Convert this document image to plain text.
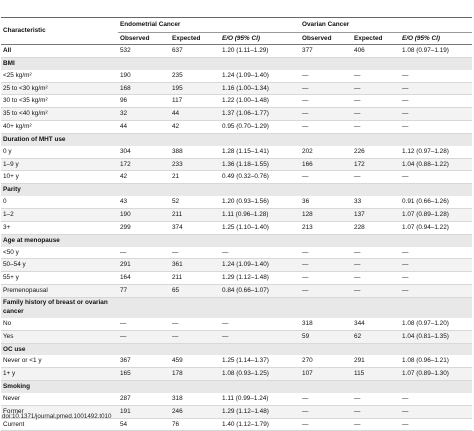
Characteristic	Endometrial Cancer			Ovarian Cancer		
	Observed	Expected	E/O (95% CI)	Observed	Expected	E/O (95% CI)
All	532	637	1.20 (1.11–1.29)	377	406	1.08 (0.97–1.19)
BMI						
<25 kg/m²	190	235	1.24 (1.09–1.40)	—	—	—
25 to <30 kg/m²	168	195	1.16 (1.00–1.34)	—	—	—
30 to <35 kg/m²	96	117	1.22 (1.00–1.48)	—	—	—
35 to <40 kg/m²	32	44	1.37 (1.06–1.77)	—	—	—
40+ kg/m²	44	42	0.95 (0.70–1.29)	—	—	—
Duration of MHT use						
0 y	304	388	1.28 (1.15–1.41)	202	226	1.12 (0.97–1.28)
1–9 y	172	233	1.36 (1.18–1.55)	166	172	1.04 (0.88–1.22)
10+ y	42	21	0.49 (0.32–0.76)	—	—	—
Parity						
0	43	52	1.20 (0.93–1.56)	36	33	0.91 (0.66–1.26)
1–2	190	211	1.11 (0.96–1.28)	128	137	1.07 (0.89–1.28)
3+	299	374	1.25 (1.10–1.40)	213	228	1.07 (0.94–1.22)
Age at menopause						
<50 y	—	—	—	—	—	—
50–54 y	291	361	1.24 (1.09–1.40)	—	—	—
55+ y	164	211	1.29 (1.12–1.48)	—	—	—
Premenopausal	77	65	0.84 (0.66–1.07)	—	—	—
Family history of breast or ovarian cancer						
No	—	—	—	318	344	1.08 (0.97–1.20)
Yes	—	—	—	59	62	1.04 (0.81–1.35)
OC use						
Never or <1 y	367	459	1.25 (1.14–1.37)	270	291	1.08 (0.96–1.21)
1+ y	165	178	1.08 (0.93–1.25)	107	115	1.07 (0.89–1.30)
Smoking						
Never	287	318	1.11 (0.99–1.24)	—	—	—
Former	191	246	1.29 (1.12–1.48)	—	—	—
Current	54	76	1.40 (1.12–1.79)	—	—	—
doi:10.1371/journal.pmed.1001492.t010
